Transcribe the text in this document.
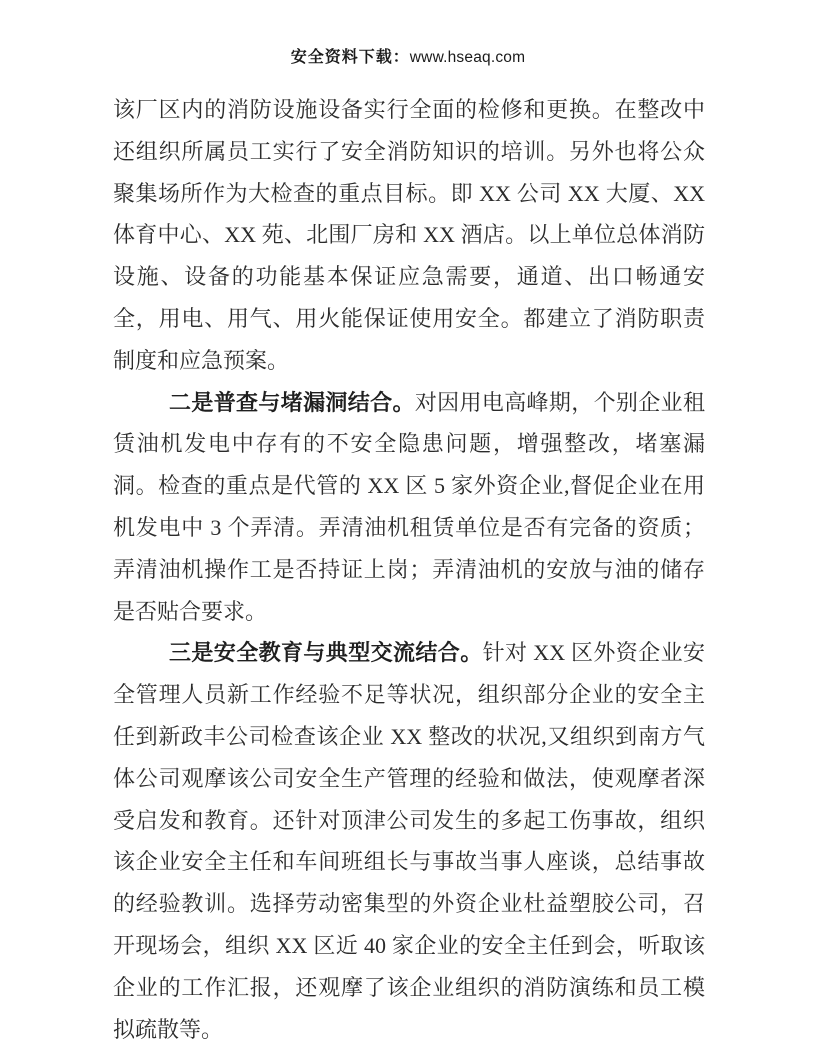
安全资料下载：www.hseaq.com

该厂区内的消防设施设备实行全面的检修和更换。在整改中还组织所属员工实行了安全消防知识的培训。另外也将公众聚集场所作为大检查的重点目标。即 XX 公司 XX 大厦、XX 体育中心、XX 苑、北围厂房和 XX 酒店。以上单位总体消防设施、设备的功能基本保证应急需要，通道、出口畅通安全，用电、用气、用火能保证使用安全。都建立了消防职责制度和应急预案。

二是普查与堵漏洞结合。对因用电高峰期，个别企业租赁油机发电中存有的不安全隐患问题，增强整改，堵塞漏洞。检查的重点是代管的 XX 区 5 家外资企业,督促企业在用机发电中 3 个弄清。弄清油机租赁单位是否有完备的资质；弄清油机操作工是否持证上岗；弄清油机的安放与油的储存是否贴合要求。

三是安全教育与典型交流结合。针对 XX 区外资企业安全管理人员新工作经验不足等状况，组织部分企业的安全主任到新政丰公司检查该企业 XX 整改的状况,又组织到南方气体公司观摩该公司安全生产管理的经验和做法，使观摩者深受启发和教育。还针对顶津公司发生的多起工伤事故，组织该企业安全主任和车间班组长与事故当事人座谈，总结事故的经验教训。选择劳动密集型的外资企业杜益塑胶公司，召开现场会，组织 XX 区近 40 家企业的安全主任到会，听取该企业的工作汇报，还观摩了该企业组织的消防演练和员工模拟疏散等。
